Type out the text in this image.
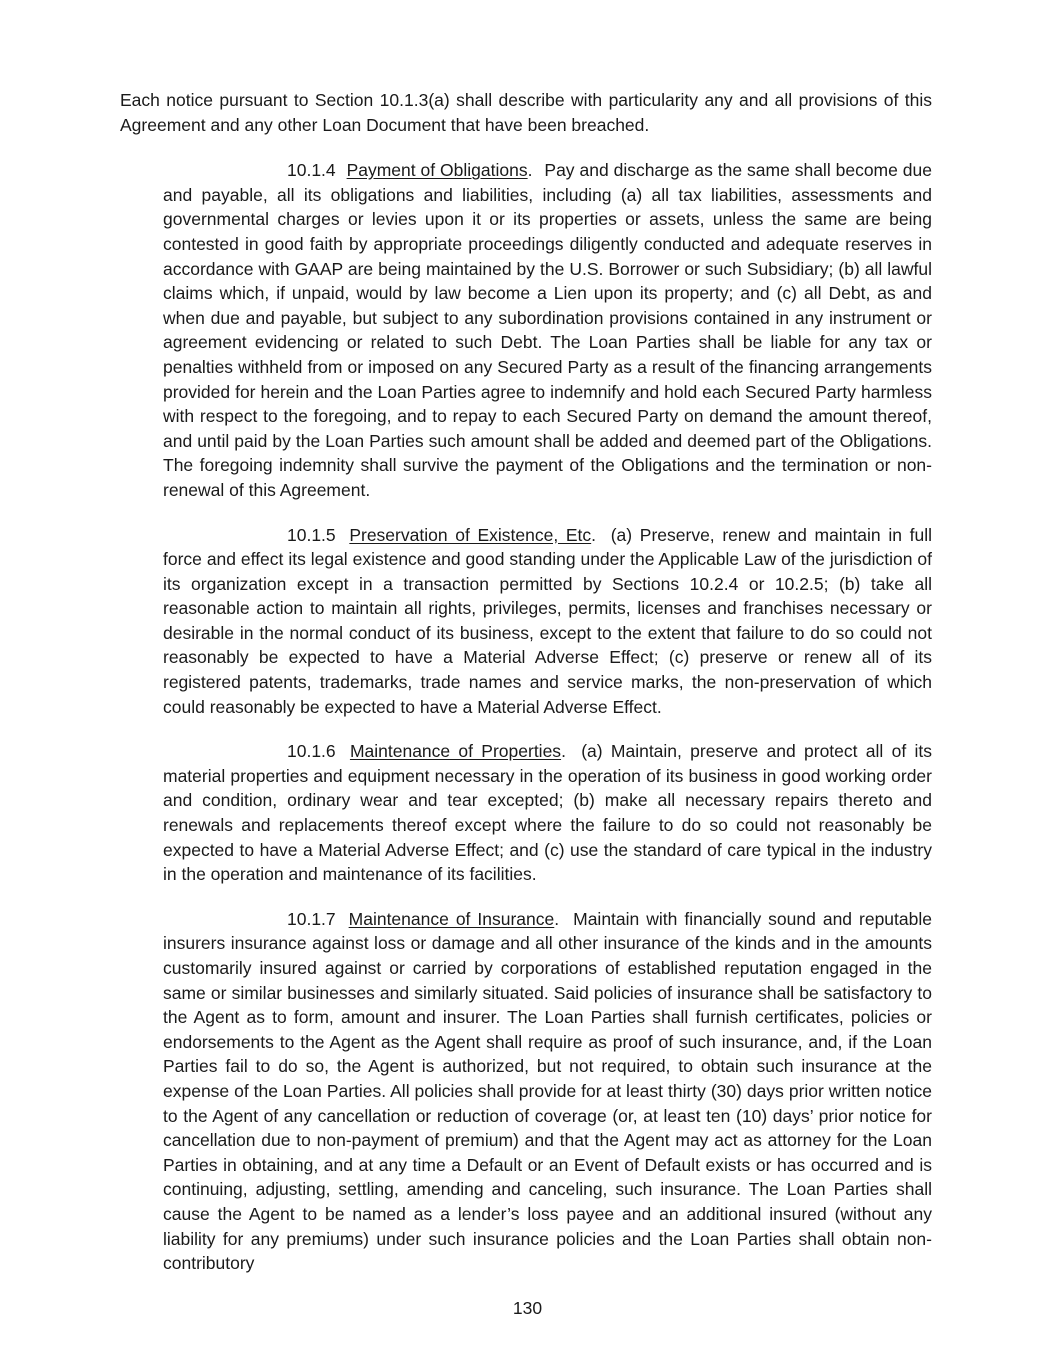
Each notice pursuant to Section 10.1.3(a) shall describe with particularity any and all provisions of this Agreement and any other Loan Document that have been breached.

10.1.4 Payment of Obligations. Pay and discharge as the same shall become due and payable, all its obligations and liabilities, including (a) all tax liabilities, assessments and governmental charges or levies upon it or its properties or assets, unless the same are being contested in good faith by appropriate proceedings diligently conducted and adequate reserves in accordance with GAAP are being maintained by the U.S. Borrower or such Subsidiary; (b) all lawful claims which, if unpaid, would by law become a Lien upon its property; and (c) all Debt, as and when due and payable, but subject to any subordination provisions contained in any instrument or agreement evidencing or related to such Debt. The Loan Parties shall be liable for any tax or penalties withheld from or imposed on any Secured Party as a result of the financing arrangements provided for herein and the Loan Parties agree to indemnify and hold each Secured Party harmless with respect to the foregoing, and to repay to each Secured Party on demand the amount thereof, and until paid by the Loan Parties such amount shall be added and deemed part of the Obligations. The foregoing indemnity shall survive the payment of the Obligations and the termination or non-renewal of this Agreement.

10.1.5 Preservation of Existence, Etc. (a) Preserve, renew and maintain in full force and effect its legal existence and good standing under the Applicable Law of the jurisdiction of its organization except in a transaction permitted by Sections 10.2.4 or 10.2.5; (b) take all reasonable action to maintain all rights, privileges, permits, licenses and franchises necessary or desirable in the normal conduct of its business, except to the extent that failure to do so could not reasonably be expected to have a Material Adverse Effect; (c) preserve or renew all of its registered patents, trademarks, trade names and service marks, the non-preservation of which could reasonably be expected to have a Material Adverse Effect.

10.1.6 Maintenance of Properties. (a) Maintain, preserve and protect all of its material properties and equipment necessary in the operation of its business in good working order and condition, ordinary wear and tear excepted; (b) make all necessary repairs thereto and renewals and replacements thereof except where the failure to do so could not reasonably be expected to have a Material Adverse Effect; and (c) use the standard of care typical in the industry in the operation and maintenance of its facilities.

10.1.7 Maintenance of Insurance. Maintain with financially sound and reputable insurers insurance against loss or damage and all other insurance of the kinds and in the amounts customarily insured against or carried by corporations of established reputation engaged in the same or similar businesses and similarly situated. Said policies of insurance shall be satisfactory to the Agent as to form, amount and insurer. The Loan Parties shall furnish certificates, policies or endorsements to the Agent as the Agent shall require as proof of such insurance, and, if the Loan Parties fail to do so, the Agent is authorized, but not required, to obtain such insurance at the expense of the Loan Parties. All policies shall provide for at least thirty (30) days prior written notice to the Agent of any cancellation or reduction of coverage (or, at least ten (10) days’ prior notice for cancellation due to non-payment of premium) and that the Agent may act as attorney for the Loan Parties in obtaining, and at any time a Default or an Event of Default exists or has occurred and is continuing, adjusting, settling, amending and canceling, such insurance. The Loan Parties shall cause the Agent to be named as a lender’s loss payee and an additional insured (without any liability for any premiums) under such insurance policies and the Loan Parties shall obtain non-contributory

130
